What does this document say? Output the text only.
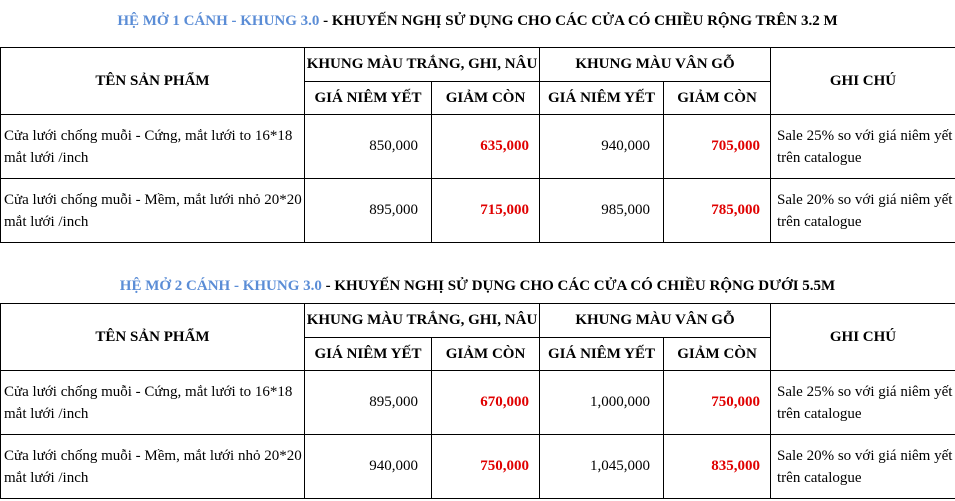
HỆ MỞ 1 CÁNH - KHUNG 3.0 - KHUYẾN NGHỊ SỬ DỤNG CHO CÁC CỬA CÓ CHIỀU RỘNG TRÊN 3.2 M
TÊN SẢN PHẨM	KHUNG MÀU TRẮNG, GHI, NÂU		KHUNG MÀU VÂN GỖ		GHI CHÚ
	GIÁ NIÊM YẾT	GIẢM CÒN	GIÁ NIÊM YẾT	GIẢM CÒN	
Cửa lưới chống muỗi - Cứng, mắt lưới to 16*18 mắt lưới /inch	850,000	635,000	940,000	705,000	Sale 25% so với giá niêm yết trên catalogue
Cửa lưới chống muỗi - Mềm, mắt lưới nhỏ 20*20 mắt lưới /inch	895,000	715,000	985,000	785,000	Sale 20% so với giá niêm yết trên catalogue
HỆ MỞ 2 CÁNH - KHUNG 3.0 - KHUYẾN NGHỊ SỬ DỤNG CHO CÁC CỬA CÓ CHIỀU RỘNG DƯỚI 5.5M
TÊN SẢN PHẨM	KHUNG MÀU TRẮNG, GHI, NÂU		KHUNG MÀU VÂN GỖ		GHI CHÚ
	GIÁ NIÊM YẾT	GIẢM CÒN	GIÁ NIÊM YẾT	GIẢM CÒN	
Cửa lưới chống muỗi - Cứng, mắt lưới to 16*18 mắt lưới /inch	895,000	670,000	1,000,000	750,000	Sale 25% so với giá niêm yết trên catalogue
Cửa lưới chống muỗi - Mềm, mắt lưới nhỏ 20*20 mắt lưới /inch	940,000	750,000	1,045,000	835,000	Sale 20% so với giá niêm yết trên catalogue
